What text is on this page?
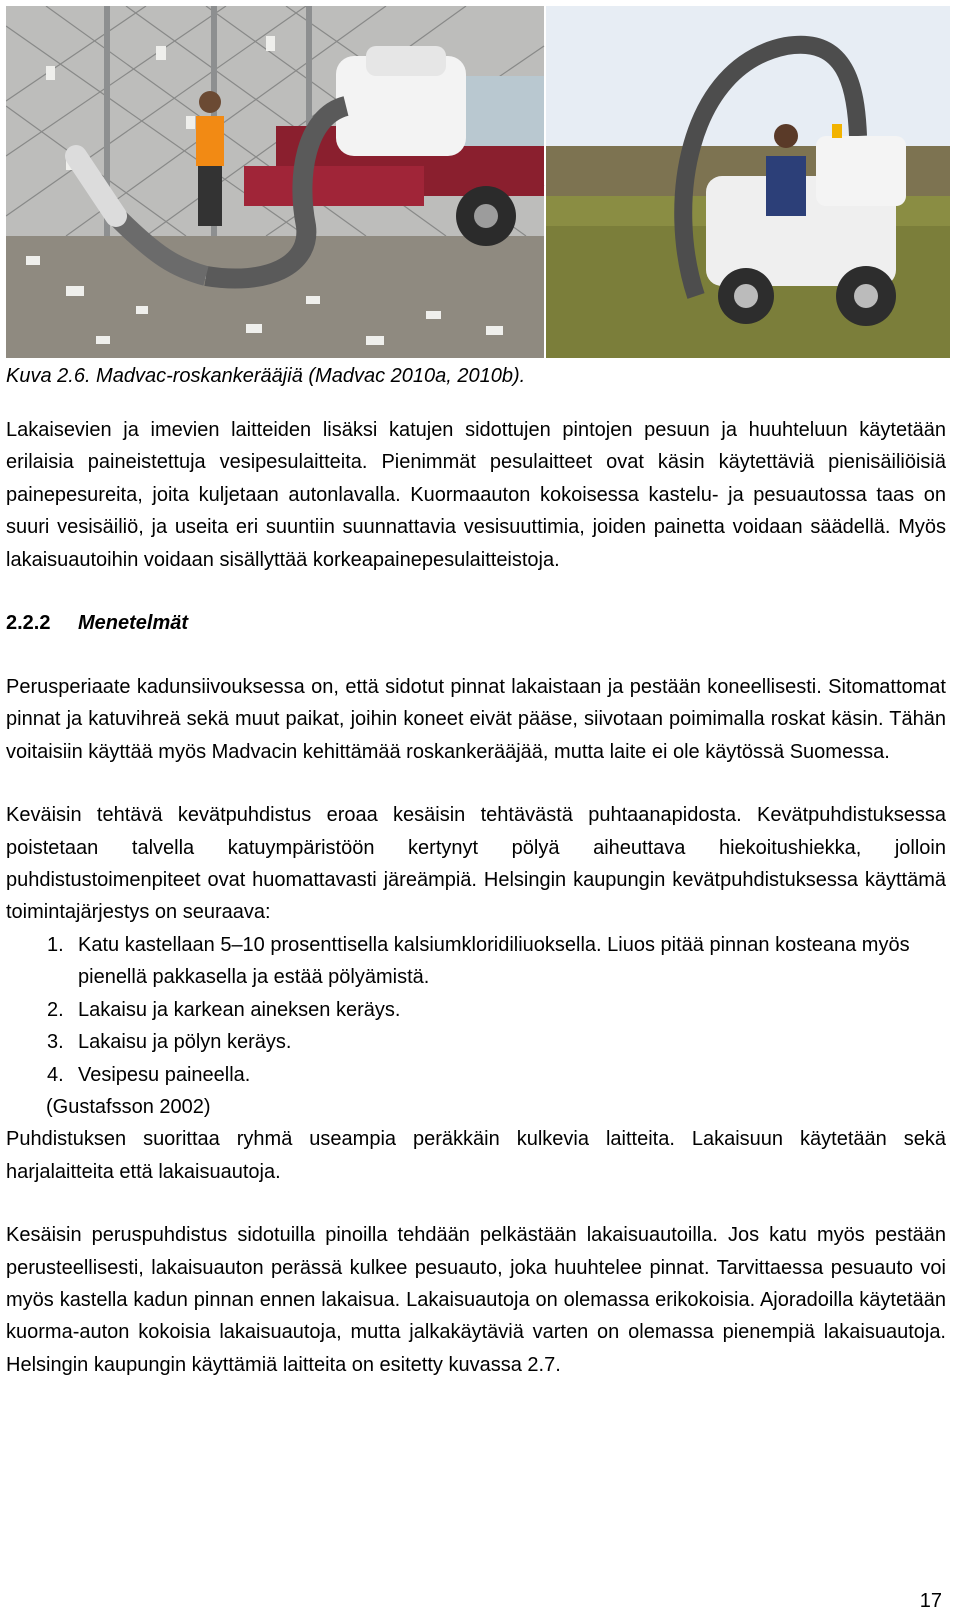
Kuva 2.6. Madvac-roskankerääjiä (Madvac 2010a, 2010b).

Lakaisevien ja imevien laitteiden lisäksi katujen sidottujen pintojen pesuun ja huuhteluun käytetään erilaisia paineistettuja vesipesulaitteita. Pienimmät pesulaitteet ovat käsin käytettäviä pienisäiliöisiä painepesureita, joita kuljetaan autonlavalla. Kuormaauton kokoisessa kastelu- ja pesuautossa taas on suuri vesisäiliö, ja useita eri suuntiin suunnattavia vesisuuttimia, joiden painetta voidaan säädellä. Myös lakaisuautoihin voidaan sisällyttää korkeapainepesulaitteistoja.

2.2.2 Menetelmät

Perusperiaate kadunsiivouksessa on, että sidotut pinnat lakaistaan ja pestään koneellisesti. Sitomattomat pinnat ja katuvihreä sekä muut paikat, joihin koneet eivät pääse, siivotaan poimimalla roskat käsin. Tähän voitaisiin käyttää myös Madvacin kehittämää roskankerääjää, mutta laite ei ole käytössä Suomessa.

Keväisin tehtävä kevätpuhdistus eroaa kesäisin tehtävästä puhtaanapidosta. Kevätpuhdistuksessa poistetaan talvella katuympäristöön kertynyt pölyä aiheuttava hiekoitushiekka, jolloin puhdistustoimenpiteet ovat huomattavasti järeämpiä. Helsingin kaupungin kevätpuhdistuksessa käyttämä toimintajärjestys on seuraava:

1. Katu kastellaan 5–10 prosenttisella kalsiumkloridiliuoksella. Liuos pitää pinnan kosteana myös pienellä pakkasella ja estää pölyämistä.
2. Lakaisu ja karkean aineksen keräys.
3. Lakaisu ja pölyn keräys.
4. Vesipesu paineella.
(Gustafsson 2002)

Puhdistuksen suorittaa ryhmä useampia peräkkäin kulkevia laitteita. Lakaisuun käytetään sekä harjalaitteita että lakaisuautoja.

Kesäisin peruspuhdistus sidotuilla pinoilla tehdään pelkästään lakaisuautoilla. Jos katu myös pestään perusteellisesti, lakaisuauton perässä kulkee pesuauto, joka huuhtelee pinnat. Tarvittaessa pesuauto voi myös kastella kadun pinnan ennen lakaisua. Lakaisuautoja on olemassa erikokoisia. Ajoradoilla käytetään kuorma-auton kokoisia lakaisuautoja, mutta jalkakäytäviä varten on olemassa pienempiä lakaisuautoja. Helsingin kaupungin käyttämiä laitteita on esitetty kuvassa 2.7.

17
